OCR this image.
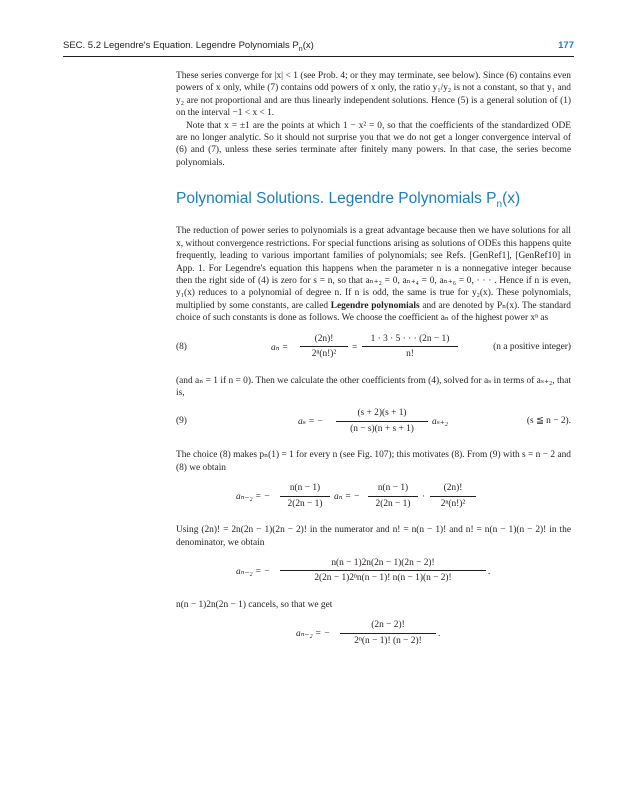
SEC. 5.2 Legendre's Equation. Legendre Polynomials $P_n(x)$	177

These series converge for |x| < 1 (see Prob. 4; or they may terminate, see below). Since (6) contains even powers of x only, while (7) contains odd powers of x only, the ratio y₁/y₂ is not a constant, so that y₁ and y₂ are not proportional and are thus linearly independent solutions. Hence (5) is a general solution of (1) on the interval −1 < x < 1.

Note that x = ±1 are the points at which 1 − x² = 0, so that the coefficients of the standardized ODE are no longer analytic. So it should not surprise you that we do not get a longer convergence interval of (6) and (7), unless these series terminate after finitely many powers. In that case, the series become polynomials.

Polynomial Solutions. Legendre Polynomials $P_n(x)$

The reduction of power series to polynomials is a great advantage because then we have solutions for all x, without convergence restrictions. For special functions arising as solutions of ODEs this happens quite frequently, leading to various important families of polynomials; see Refs. [GenRef1], [GenRef10] in App. 1. For Legendre's equation this happens when the parameter n is a nonnegative integer because then the right side of (4) is zero for s = n, so that aₙ₊₂ = 0, aₙ₊₄ = 0, aₙ₊₆ = 0, · · · . Hence if n is even, y₁(x) reduces to a polynomial of degree n. If n is odd, the same is true for y₂(x). These polynomials, multiplied by some constants, are called Legendre polynomials and are denoted by Pₙ(x). The standard choice of such constants is done as follows. We choose the coefficient aₙ of the highest power xⁿ as

(8)	$a_n = \frac{(2n)!}{\text{2ⁿ(n!)²}} = \frac{1 \cdot 3 \cdot 5 \cdot \cdot \cdot (2n - 1)}{n!}$	(n a positive integer)

(and aₙ = 1 if n = 0). Then we calculate the other coefficients from (4), solved for aₛ in terms of aₛ₊₂, that is,

(9)	aₛ = − $\frac{(s + 2)(s + 1)}{(n - s)(n + s + 1)} a_{s+2}$	(s ≦ n − 2).

The choice (8) makes pₙ(1) = 1 for every n (see Fig. 107); this motivates (8). From (9) with s = n − 2 and (8) we obtain

aₙ₋₂ = − $\frac{n(n - 1)}{2(2n - 1)}$ aₙ = − $\frac{n(n - 1)}{2(2n - 1)} \cdot \frac{(2n)!}{\text{2ⁿ(n!)²}}$

Using (2n)! = 2n(2n − 1)(2n − 2)! in the numerator and n! = n(n − 1)! and n! = n(n − 1)(n − 2)! in the denominator, we obtain

aₙ₋₂ = − $\frac{n(n - 1)2n(2n - 1)(2n - 2)!}{\text{2(2n − 1)2ⁿn(n − 1)! n(n − 1)(n − 2)!}}$ .

n(n − 1)2n(2n − 1) cancels, so that we get

aₙ₋₂ = − $\frac{(2n - 2)!}{\text{2ⁿ(n − 1)! (n − 2)!}}$ .
